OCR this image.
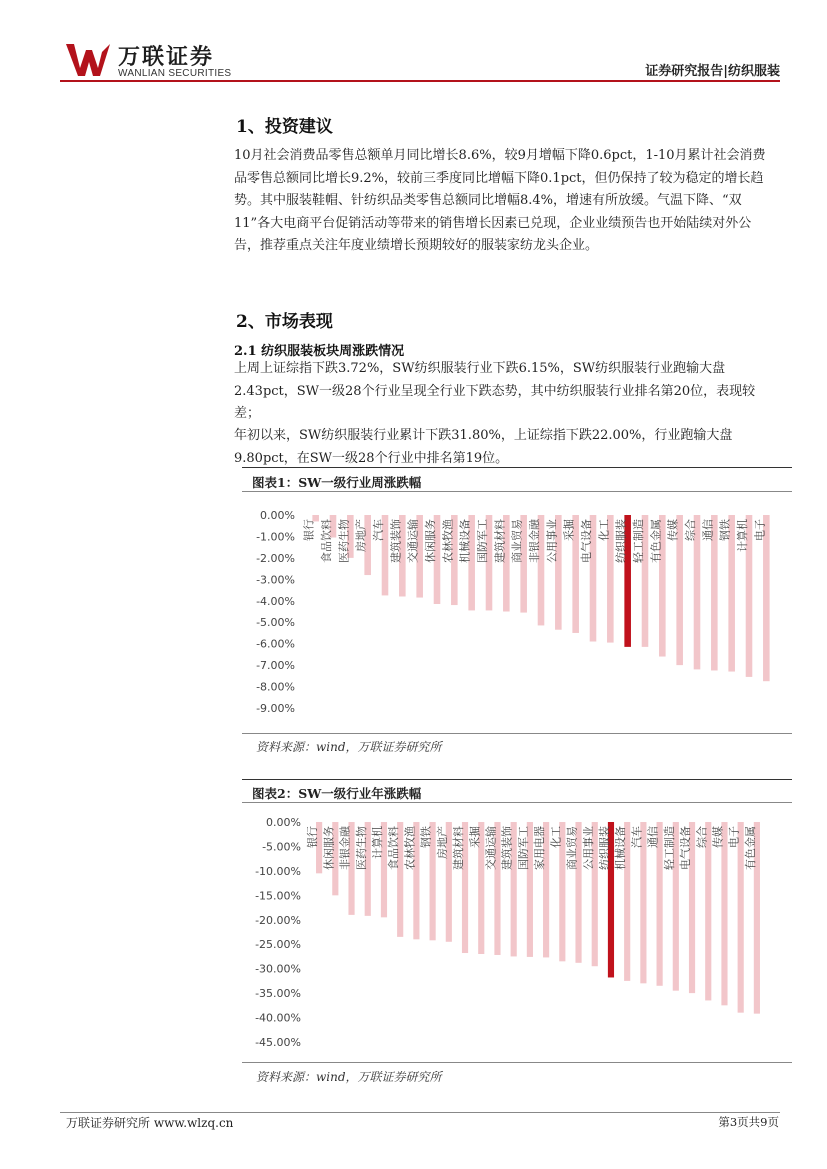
万联证券
WANLIAN SECURITIES	证券研究报告|纺织服装
1、投资建议
10月社会消费品零售总额单月同比增长8.6%，较9月增幅下降0.6pct，1-10月累计社会消费品零售总额同比增长9.2%，较前三季度同比增幅下降0.1pct，但仍保持了较为稳定的增长趋势。其中服装鞋帽、针纺织品类零售总额同比增幅8.4%，增速有所放缓。气温下降、“双11”各大电商平台促销活动等带来的销售增长因素已兑现，企业业绩预告也开始陆续对外公告，推荐重点关注年度业绩增长预期较好的服装家纺龙头企业。
2、市场表现
2.1 纺织服装板块周涨跌情况
上周上证综指下跌3.72%，SW纺织服装行业下跌6.15%，SW纺织服装行业跑输大盘2.43pct，SW一级28个行业呈现全行业下跌态势，其中纺织服装行业排名第20位，表现较差；
年初以来，SW纺织服装行业累计下跌31.80%，上证综指下跌22.00%，行业跑输大盘9.80pct，在SW一级28个行业中排名第19位。
图表1：SW一级行业周涨跌幅
0.00%
-1.00%
-2.00%
-3.00%
-4.00%
-5.00%
-6.00%
-7.00%
-8.00%
-9.00%
银行 食品饮料 医药生物 房地产 汽车 建筑装饰 交通运输 休闲服务 农林牧渔 机械设备 国防军工 建筑材料 商业贸易 非银金融 公用事业 采掘 电气设备 化工 纺织服装 轻工制造 有色金属 传媒 综合 通信 钢铁 计算机 电子
资料来源：wind，万联证券研究所
图表2：SW一级行业年涨跌幅
0.00%
-5.00%
-10.00%
-15.00%
-20.00%
-25.00%
-30.00%
-35.00%
-40.00%
-45.00%
银行 休闲服务 非银金融 医药生物 计算机 食品饮料 农林牧渔 钢铁 房地产 建筑材料 采掘 交通运输 建筑装饰 国防军工 家用电器 化工 商业贸易 公用事业 纺织服装 机械设备 汽车 通信 轻工制造 电气设备 综合 传媒 电子 有色金属
资料来源：wind，万联证券研究所
万联证券研究所 www.wlzq.cn	第3页共9页
